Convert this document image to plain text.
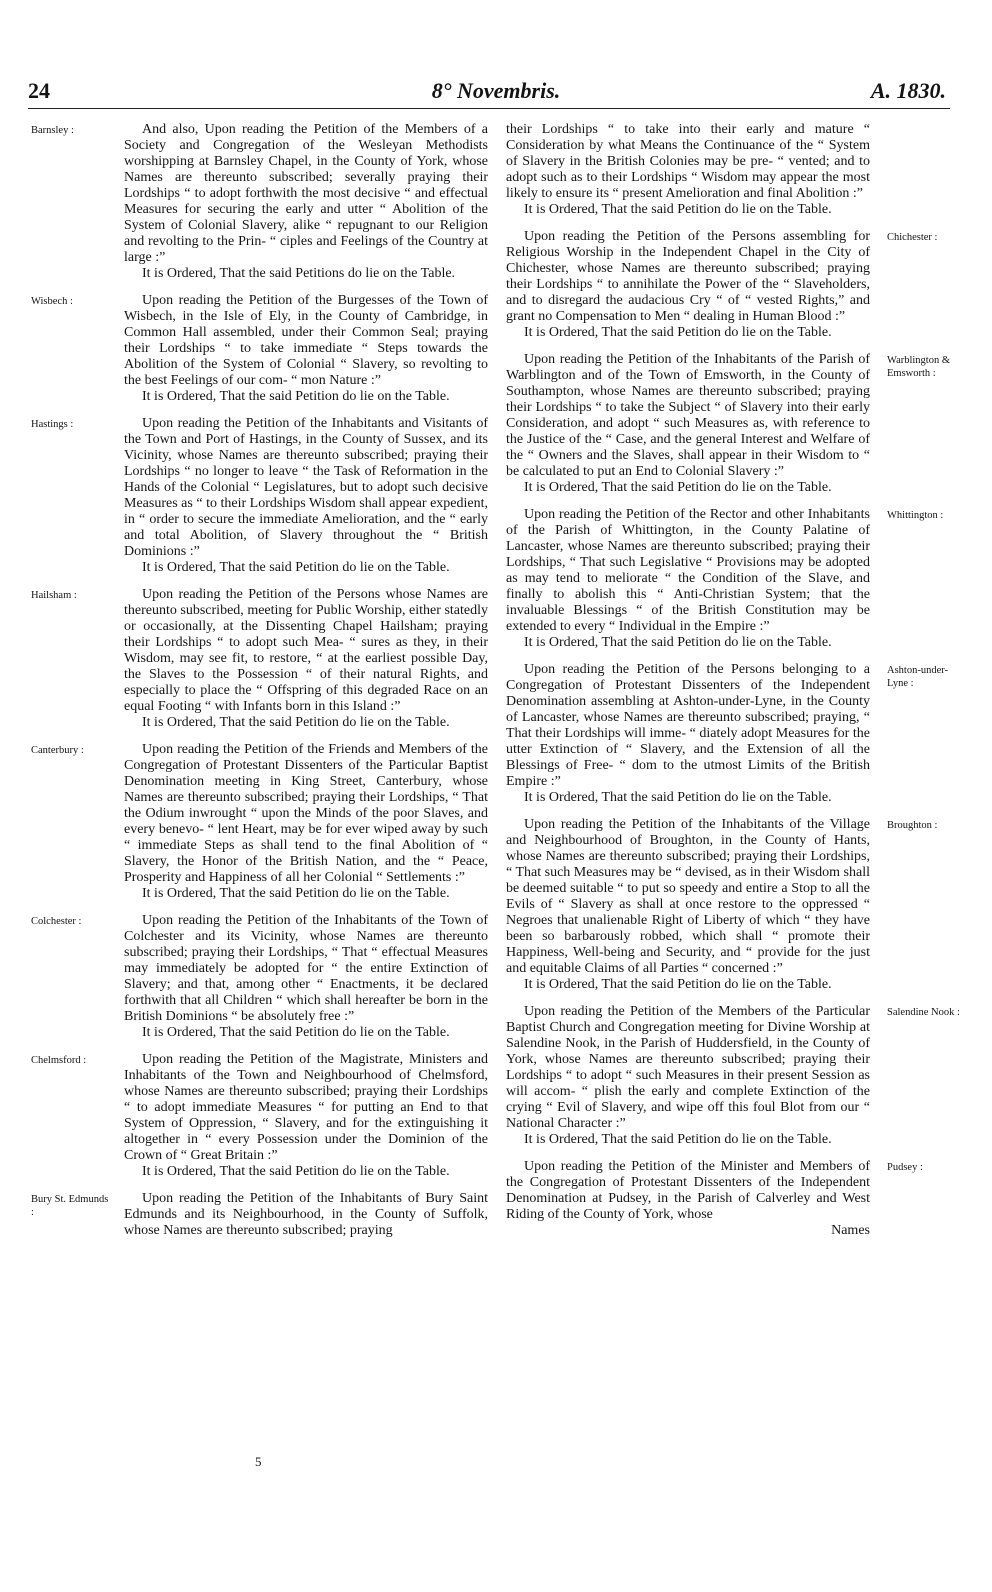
24	8° Novembris.	A. 1830.
Barnsley :	And also, Upon reading the Petition of the Members of a Society and Congregation of the Wesleyan Methodists worshipping at Barnsley Chapel, in the County of York, whose Names are thereunto subscribed; severally praying their Lordships “ to adopt forthwith the most decisive “ and effectual Measures for securing the early and utter “ Abolition of the System of Colonial Slavery, alike “ repugnant to our Religion and revolting to the Prin- “ ciples and Feelings of the Country at large :”

It is Ordered, That the said Petitions do lie on the Table.

Wisbech :	Upon reading the Petition of the Burgesses of the Town of Wisbech, in the Isle of Ely, in the County of Cambridge, in Common Hall assembled, under their Common Seal; praying their Lordships “ to take immediate “ Steps towards the Abolition of the System of Colonial “ Slavery, so revolting to the best Feelings of our com- “ mon Nature :”

It is Ordered, That the said Petition do lie on the Table.

Hastings :	Upon reading the Petition of the Inhabitants and Visitants of the Town and Port of Hastings, in the County of Sussex, and its Vicinity, whose Names are thereunto subscribed; praying their Lordships “ no longer to leave “ the Task of Reformation in the Hands of the Colonial “ Legislatures, but to adopt such decisive Measures as “ to their Lordships Wisdom shall appear expedient, in “ order to secure the immediate Amelioration, and the “ early and total Abolition, of Slavery throughout the “ British Dominions :”

It is Ordered, That the said Petition do lie on the Table.

Hailsham :	Upon reading the Petition of the Persons whose Names are thereunto subscribed, meeting for Public Worship, either statedly or occasionally, at the Dissenting Chapel Hailsham; praying their Lordships “ to adopt such Mea- “ sures as they, in their Wisdom, may see fit, to restore, “ at the earliest possible Day, the Slaves to the Possession “ of their natural Rights, and especially to place the “ Offspring of this degraded Race on an equal Footing “ with Infants born in this Island :”

It is Ordered, That the said Petition do lie on the Table.

Canterbury :	Upon reading the Petition of the Friends and Members of the Congregation of Protestant Dissenters of the Particular Baptist Denomination meeting in King Street, Canterbury, whose Names are thereunto subscribed; praying their Lordships, “ That the Odium inwrought “ upon the Minds of the poor Slaves, and every benevo- “ lent Heart, may be for ever wiped away by such “ immediate Steps as shall tend to the final Abolition of “ Slavery, the Honor of the British Nation, and the “ Peace, Prosperity and Happiness of all her Colonial “ Settlements :”

It is Ordered, That the said Petition do lie on the Table.

Colchester :	Upon reading the Petition of the Inhabitants of the Town of Colchester and its Vicinity, whose Names are thereunto subscribed; praying their Lordships, “ That “ effectual Measures may immediately be adopted for “ the entire Extinction of Slavery; and that, among other “ Enactments, it be declared forthwith that all Children “ which shall hereafter be born in the British Dominions “ be absolutely free :”

It is Ordered, That the said Petition do lie on the Table.

Chelmsford :	Upon reading the Petition of the Magistrate, Ministers and Inhabitants of the Town and Neighbourhood of Chelmsford, whose Names are thereunto subscribed; praying their Lordships “ to adopt immediate Measures “ for putting an End to that System of Oppression, “ Slavery, and for the extinguishing it altogether in “ every Possession under the Dominion of the Crown of “ Great Britain :”

It is Ordered, That the said Petition do lie on the Table.

Bury St. Edmunds :

Upon reading the Petition of the Inhabitants of Bury Saint Edmunds and its Neighbourhood, in the County of Suffolk, whose Names are thereunto subscribed; praying

their Lordships “ to take into their early and mature “ Consideration by what Means the Continuance of the “ System of Slavery in the British Colonies may be pre- “ vented; and to adopt such as to their Lordships “ Wisdom may appear the most likely to ensure its “ present Amelioration and final Abolition :”

It is Ordered, That the said Petition do lie on the Table.

Chichester :

Upon reading the Petition of the Persons assembling for Religious Worship in the Independent Chapel in the City of Chichester, whose Names are thereunto subscribed; praying their Lordships “ to annihilate the Power of the “ Slaveholders, and to disregard the audacious Cry “ of “ vested Rights,” and grant no Compensation to Men “ dealing in Human Blood :”

It is Ordered, That the said Petition do lie on the Table.

Warblington & Emsworth :

Upon reading the Petition of the Inhabitants of the Parish of Warblington and of the Town of Emsworth, in the County of Southampton, whose Names are thereunto subscribed; praying their Lordships “ to take the Subject “ of Slavery into their early Consideration, and adopt “ such Measures as, with reference to the Justice of the “ Case, and the general Interest and Welfare of the “ Owners and the Slaves, shall appear in their Wisdom to “ be calculated to put an End to Colonial Slavery :”

It is Ordered, That the said Petition do lie on the Table.

Whittington :

Upon reading the Petition of the Rector and other Inhabitants of the Parish of Whittington, in the County Palatine of Lancaster, whose Names are thereunto subscribed; praying their Lordships, “ That such Legislative “ Provisions may be adopted as may tend to meliorate “ the Condition of the Slave, and finally to abolish this “ Anti-Christian System; that the invaluable Blessings “ of the British Constitution may be extended to every “ Individual in the Empire :”

It is Ordered, That the said Petition do lie on the Table.

Ashton-under-Lyne :

Upon reading the Petition of the Persons belonging to a Congregation of Protestant Dissenters of the Independent Denomination assembling at Ashton-under-Lyne, in the County of Lancaster, whose Names are thereunto subscribed; praying, “ That their Lordships will imme- “ diately adopt Measures for the utter Extinction of “ Slavery, and the Extension of all the Blessings of Free- “ dom to the utmost Limits of the British Empire :”

It is Ordered, That the said Petition do lie on the Table.

Broughton :

Upon reading the Petition of the Inhabitants of the Village and Neighbourhood of Broughton, in the County of Hants, whose Names are thereunto subscribed; praying their Lordships, “ That such Measures may be “ devised, as in their Wisdom shall be deemed suitable “ to put so speedy and entire a Stop to all the Evils of “ Slavery as shall at once restore to the oppressed “ Negroes that unalienable Right of Liberty of which “ they have been so barbarously robbed, which shall “ promote their Happiness, Well-being and Security, and “ provide for the just and equitable Claims of all Parties “ concerned :”

It is Ordered, That the said Petition do lie on the Table.

Salendine Nook :

Upon reading the Petition of the Members of the Particular Baptist Church and Congregation meeting for Divine Worship at Salendine Nook, in the Parish of Huddersfield, in the County of York, whose Names are thereunto subscribed; praying their Lordships “ to adopt “ such Measures in their present Session as will accom- “ plish the early and complete Extinction of the crying “ Evil of Slavery, and wipe off this foul Blot from our “ National Character :”

It is Ordered, That the said Petition do lie on the Table.

Pudsey :

Upon reading the Petition of the Minister and Members of the Congregation of Protestant Dissenters of the Independent Denomination at Pudsey, in the Parish of Calverley and West Riding of the County of York, whose

Names

5
